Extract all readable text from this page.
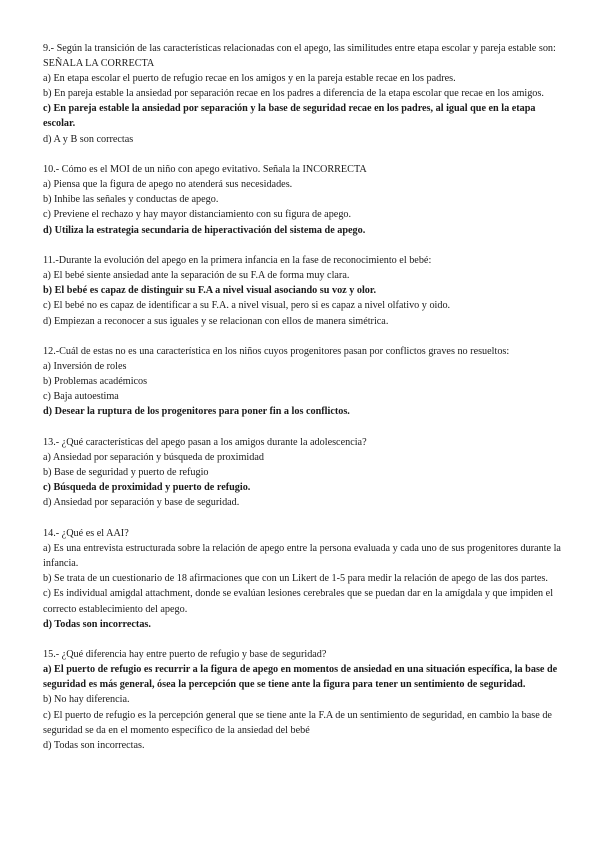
9.- Según la transición de las características relacionadas con el apego, las similitudes entre etapa escolar y pareja estable son: SEÑALA LA CORRECTA

a) En etapa escolar el puerto de refugio recae en los amigos y en la pareja estable recae en los padres.

b) En pareja estable la ansiedad por separación recae en los padres a diferencia de la etapa escolar que recae en los amigos.

c) En pareja estable la ansiedad por separación y la base de seguridad recae en los padres, al igual que en la etapa escolar.

d) A y B son correctas

10.- Cómo es el MOI de un niño con apego evitativo. Señala la INCORRECTA

a) Piensa que la figura de apego no atenderá sus necesidades.

b) Inhibe las señales y conductas de apego.

c) Previene el rechazo y hay mayor distanciamiento con su figura de apego.

d) Utiliza la estrategia secundaria de hiperactivación del sistema de apego.

11.-Durante la evolución del apego en la primera infancia en la fase de reconocimiento el bebé:

a) El bebé siente ansiedad ante la separación de su F.A de forma muy clara.

b) El bebé es capaz de distinguir su F.A a nivel visual asociando su voz y olor.

c) El bebé no es capaz de identificar a su F.A. a nivel visual, pero si es capaz a nivel olfativo y oido.

d) Empiezan a reconocer a sus iguales y se relacionan con ellos de manera simétrica.

12.-Cuál de estas no es una característica en los niños cuyos progenitores pasan por conflictos graves no resueltos:

a) Inversión de roles

b) Problemas académicos

c) Baja autoestima

d) Desear la ruptura de los progenitores para poner fin a los conflictos.

13.- ¿Qué características del apego pasan a los amigos durante la adolescencia?

a) Ansiedad por separación y búsqueda de proximidad

b) Base de seguridad y puerto de refugio

c) Búsqueda de proximidad y puerto de refugio.

d) Ansiedad por separación y base de seguridad.

14.- ¿Qué es el AAI?

a) Es una entrevista estructurada sobre la relación de apego entre la persona evaluada y cada uno de sus progenitores durante la infancia.

b) Se trata de un cuestionario de 18 afirmaciones que con un Likert de 1-5 para medir la relación de apego de las dos partes.

c) Es individual amigdal attachment, donde se evalúan lesiones cerebrales que se puedan dar en la amígdala y que impiden el correcto establecimiento del apego.

d) Todas son incorrectas.

15.- ¿Qué diferencia hay entre puerto de refugio y base de seguridad?

a) El puerto de refugio es recurrir a la figura de apego en momentos de ansiedad en una situación específica, la base de seguridad es más general, ósea la percepción que se tiene ante la figura para tener un sentimiento de seguridad.

b) No hay diferencia.

c) El puerto de refugio es la percepción general que se tiene ante la F.A de un sentimiento de seguridad, en cambio la base de seguridad se da en el momento específico de la ansiedad del bebé

d) Todas son incorrectas.
